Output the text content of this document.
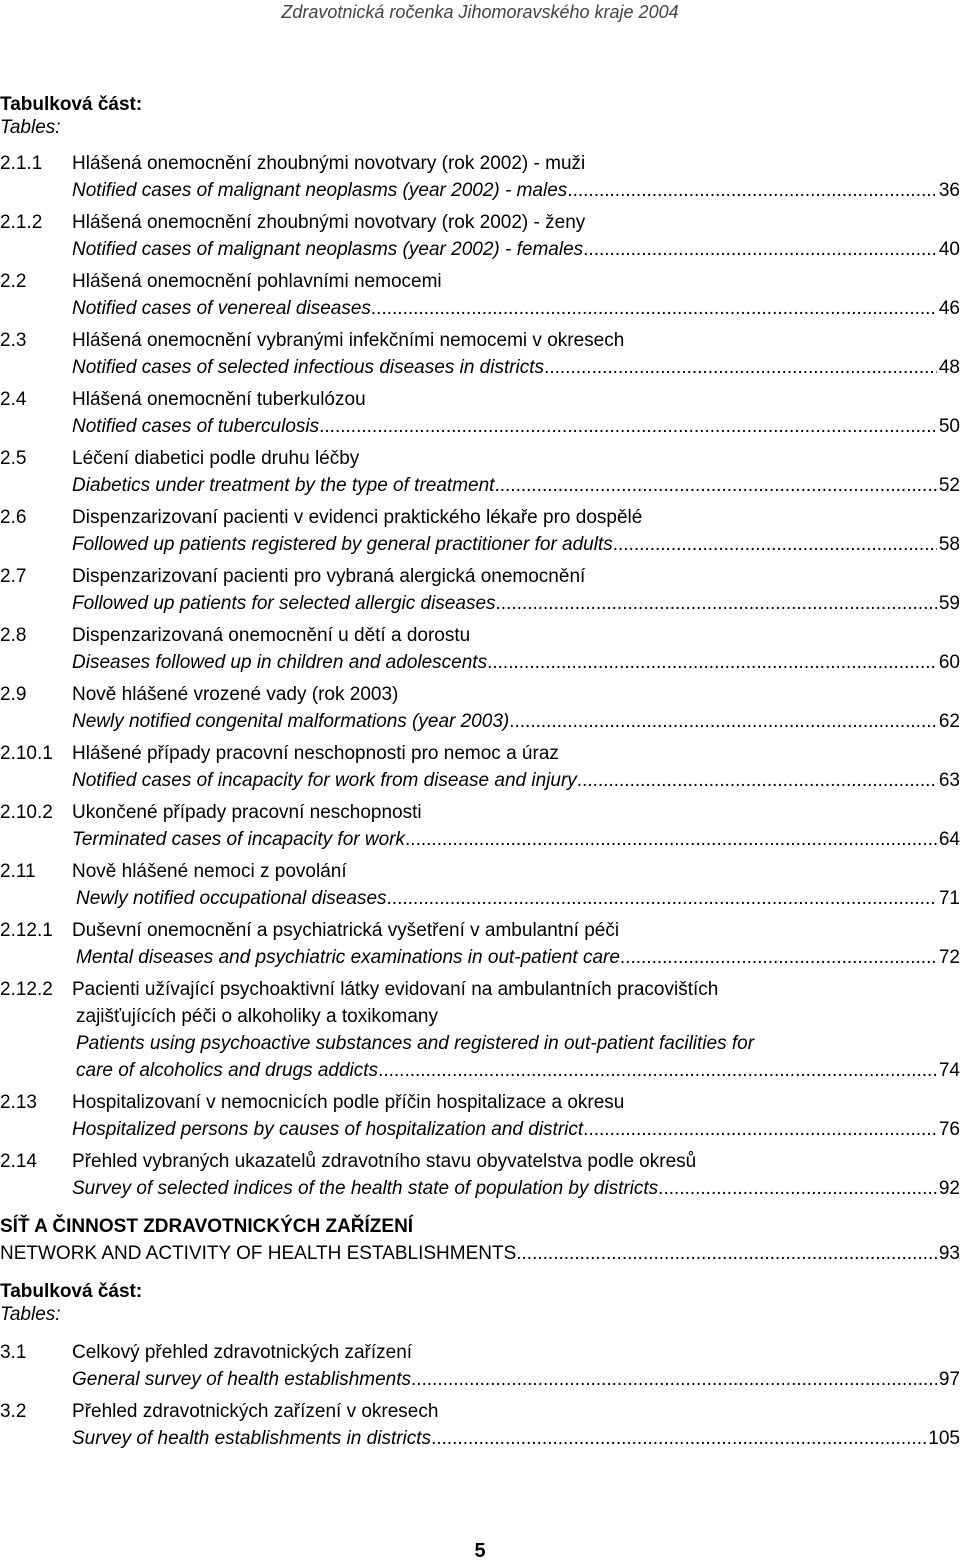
Zdravotnická ročenka Jihomoravského kraje 2004
Tabulková část:
Tables:
2.1.1 Hlášená onemocnění zhoubnými novotvary (rok 2002) - muži
Notified cases of malignant neoplasms (year 2002) - males .....	36
2.1.2 Hlášená onemocnění zhoubnými novotvary (rok 2002) - ženy
Notified cases of malignant neoplasms (year 2002) - females .....	40
2.2 Hlášená onemocnění pohlavními nemocemi
Notified cases of venereal diseases .....	46
2.3 Hlášená onemocnění vybranými infekčními nemocemi v okresech
Notified cases of selected infectious diseases in districts .....	48
2.4 Hlášená onemocnění tuberkulózou
Notified cases of tuberculosis .....	50
2.5 Léčení diabetici podle druhu léčby
Diabetics under treatment by the type of treatment .....	52
2.6 Dispenzarizovaní pacienti v evidenci praktického lékaře pro dospělé
Followed up patients registered by general practitioner for adults .....	58
2.7 Dispenzarizovaní pacienti pro vybraná alergická onemocnění
Followed up patients for selected allergic diseases .....	59
2.8 Dispenzarizovaná onemocnění u dětí a dorostu
Diseases followed up in children and adolescents .....	60
2.9 Nově hlášené vrozené vady (rok 2003)
Newly notified congenital malformations (year 2003) .....	62
2.10.1 Hlášené případy pracovní neschopnosti pro nemoc a úraz
Notified cases of incapacity for work from disease and injury .....	63
2.10.2 Ukončené případy pracovní neschopnosti
Terminated cases of incapacity for work .....	64
2.11 Nově hlášené nemoci z povolání
Newly notified occupational diseases .....	71
2.12.1 Duševní onemocnění a psychiatrická vyšetření v ambulantní péči
Mental diseases and psychiatric examinations in out-patient care .....	72
2.12.2 Pacienti užívající psychoaktivní látky evidovaní na ambulantních pracovištích
zajišťujících péči o alkoholiky a toxikomany
Patients using psychoactive substances and registered in out-patient facilities for
care of alcoholics and drugs addicts .....	74
2.13 Hospitalizovaní v nemocnicích podle příčin hospitalizace a okresu
Hospitalized persons by causes of hospitalization and district .....	76
2.14 Přehled vybraných ukazatelů zdravotního stavu obyvatelstva podle okresů
Survey of selected indices of the health state of population by districts .....	92
SÍŤ A ČINNOST ZDRAVOTNICKÝCH ZAŘÍZENÍ
NETWORK AND ACTIVITY OF HEALTH ESTABLISHMENTS .....	93
Tabulková část:
Tables:
3.1 Celkový přehled zdravotnických zařízení
General survey of health establishments .....	97
3.2 Přehled zdravotnických zařízení v okresech
Survey of health establishments in districts .....	105
5
